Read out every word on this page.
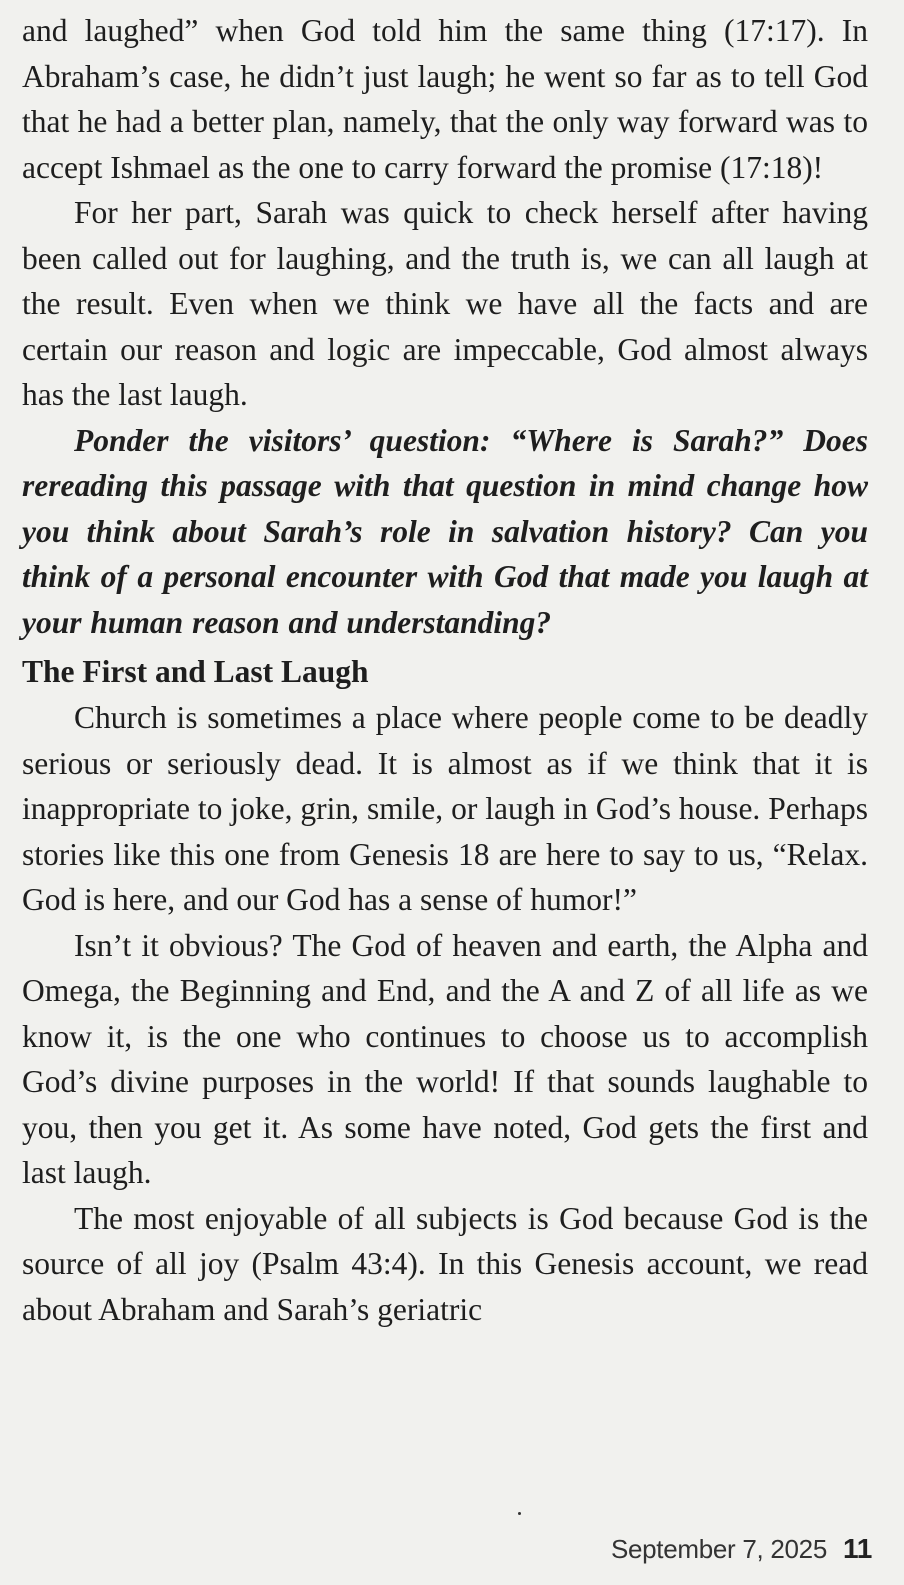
and laughed” when God told him the same thing (17:17). In Abraham’s case, he didn’t just laugh; he went so far as to tell God that he had a better plan, namely, that the only way forward was to accept Ishmael as the one to carry forward the promise (17:18)!

For her part, Sarah was quick to check herself after having been called out for laughing, and the truth is, we can all laugh at the result. Even when we think we have all the facts and are certain our reason and logic are impeccable, God almost always has the last laugh.

Ponder the visitors’ question: “Where is Sarah?” Does rereading this passage with that question in mind change how you think about Sarah’s role in salvation history? Can you think of a personal encounter with God that made you laugh at your human reason and understanding?

The First and Last Laugh

Church is sometimes a place where people come to be deadly serious or seriously dead. It is almost as if we think that it is inappropriate to joke, grin, smile, or laugh in God’s house. Perhaps stories like this one from Genesis 18 are here to say to us, “Relax. God is here, and our God has a sense of humor!”

Isn’t it obvious? The God of heaven and earth, the Alpha and Omega, the Beginning and End, and the A and Z of all life as we know it, is the one who continues to choose us to accomplish God’s divine purposes in the world! If that sounds laughable to you, then you get it. As some have noted, God gets the first and last laugh.

The most enjoyable of all subjects is God because God is the source of all joy (Psalm 43:4). In this Genesis account, we read about Abraham and Sarah’s geriatric

September 7, 2025 11
